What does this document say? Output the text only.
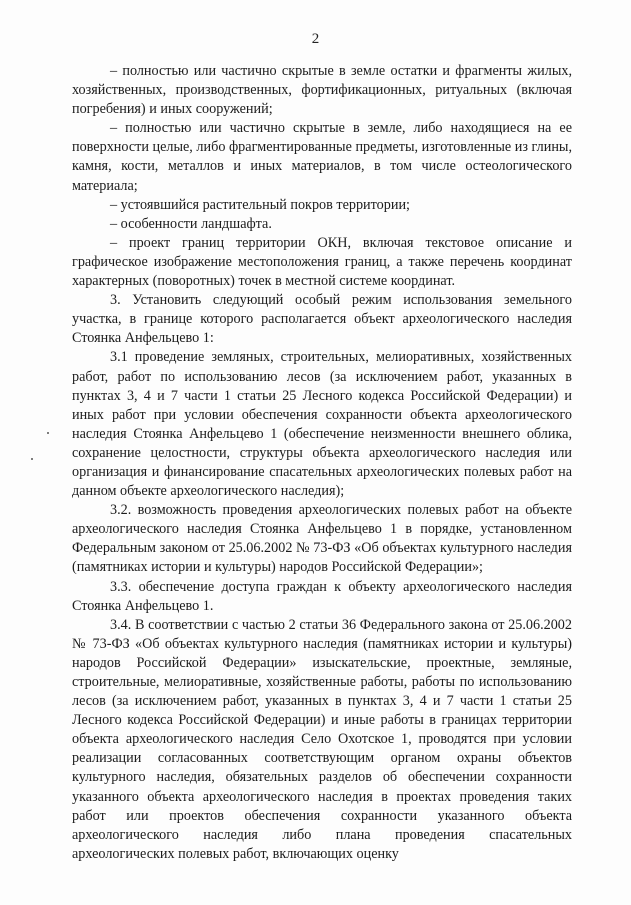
2

– полностью или частично скрытые в земле остатки и фрагменты жилых, хозяйственных, производственных, фортификационных, ритуальных (включая погребения) и иных сооружений;

– полностью или частично скрытые в земле, либо находящиеся на ее поверхности целые, либо фрагментированные предметы, изготовленные из глины, камня, кости, металлов и иных материалов, в том числе остеологического материала;

– устоявшийся растительный покров территории;

– особенности ландшафта.

– проект границ территории ОКН, включая текстовое описание и графическое изображение местоположения границ, а также перечень координат характерных (поворотных) точек в местной системе координат.

3. Установить следующий особый режим использования земельного участка, в границе которого располагается объект археологического наследия Стоянка Анфельцево 1:

3.1 проведение земляных, строительных, мелиоративных, хозяйственных работ, работ по использованию лесов (за исключением работ, указанных в пунктах 3, 4 и 7 части 1 статьи 25 Лесного кодекса Российской Федерации) и иных работ при условии обеспечения сохранности объекта археологического наследия Стоянка Анфельцево 1 (обеспечение неизменности внешнего облика, сохранение целостности, структуры объекта археологического наследия или организация и финансирование спасательных археологических полевых работ на данном объекте археологического наследия);

3.2. возможность проведения археологических полевых работ на объекте археологического наследия Стоянка Анфельцево 1 в порядке, установленном Федеральным законом от 25.06.2002 № 73-ФЗ «Об объектах культурного наследия (памятниках истории и культуры) народов Российской Федерации»;

3.3. обеспечение доступа граждан к объекту археологического наследия Стоянка Анфельцево 1.

3.4. В соответствии с частью 2 статьи 36 Федерального закона от 25.06.2002 № 73-ФЗ «Об объектах культурного наследия (памятниках истории и культуры) народов Российской Федерации» изыскательские, проектные, земляные, строительные, мелиоративные, хозяйственные работы, работы по использованию лесов (за исключением работ, указанных в пунктах 3, 4 и 7 части 1 статьи 25 Лесного кодекса Российской Федерации) и иные работы в границах территории объекта археологического наследия Село Охотское 1, проводятся при условии реализации согласованных соответствующим органом охраны объектов культурного наследия, обязательных разделов об обеспечении сохранности указанного объекта археологического наследия в проектах проведения таких работ или проектов обеспечения сохранности указанного объекта археологического наследия либо плана проведения спасательных археологических полевых работ, включающих оценку
